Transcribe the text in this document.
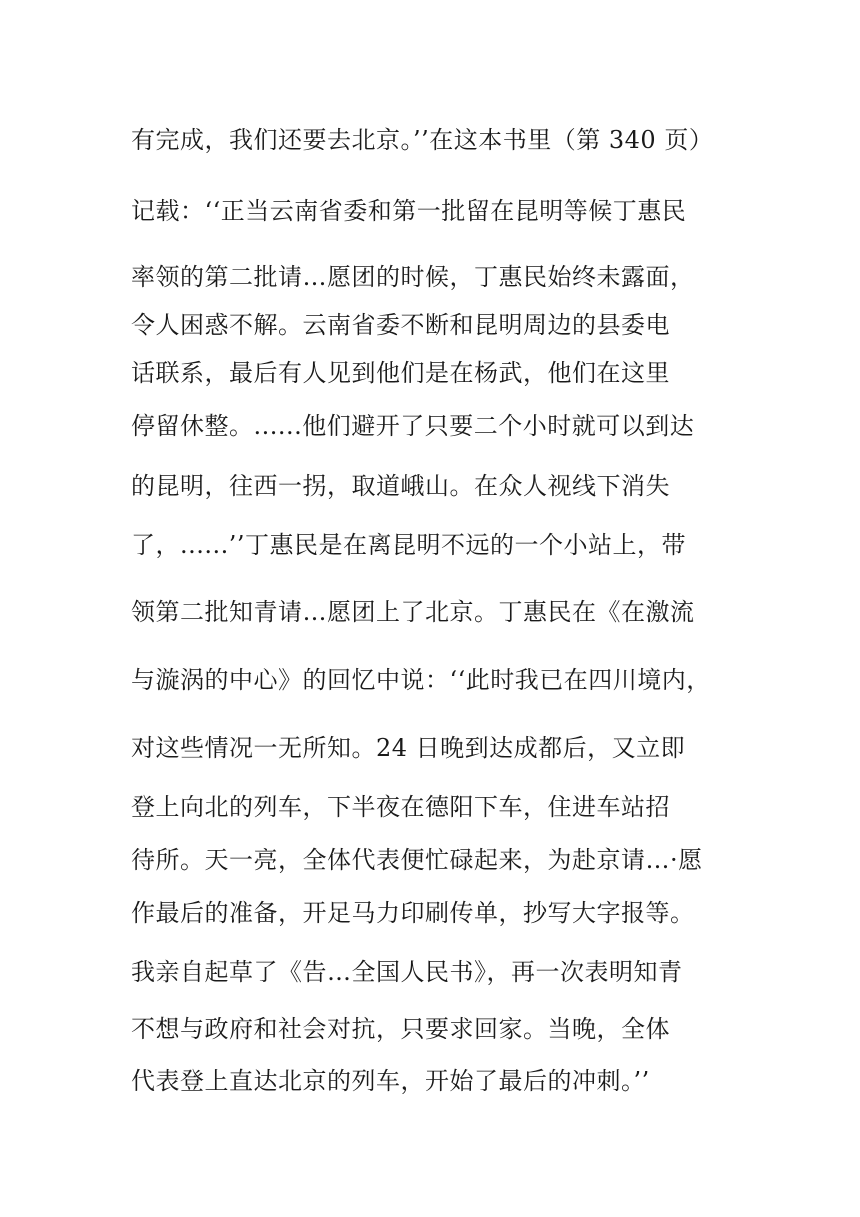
有完成，我们还要去北京。’’在这本书里（第 340 页）
记载：‘‘正当云南省委和第一批留在昆明等候丁惠民
率领的第二批请…愿团的时候，丁惠民始终未露面，
令人困惑不解。云南省委不断和昆明周边的县委电
话联系，最后有人见到他们是在杨武，他们在这里
停留休整。......他们避开了只要二个小时就可以到达
的昆明，往西一拐，取道峨山。在众人视线下消失
了，......’’丁惠民是在离昆明不远的一个小站上，带
领第二批知青请…愿团上了北京。丁惠民在《在激流
与漩涡的中心》的回忆中说：‘‘此时我已在四川境内，
对这些情况一无所知。24 日晚到达成都后，又立即
登上向北的列车，下半夜在德阳下车，住进车站招
待所。天一亮，全体代表便忙碌起来，为赴京请…·愿
作最后的准备，开足马力印刷传单，抄写大字报等。
我亲自起草了《告…全国人民书》，再一次表明知青
不想与政府和社会对抗，只要求回家。当晚，全体
代表登上直达北京的列车，开始了最后的冲刺。’’
